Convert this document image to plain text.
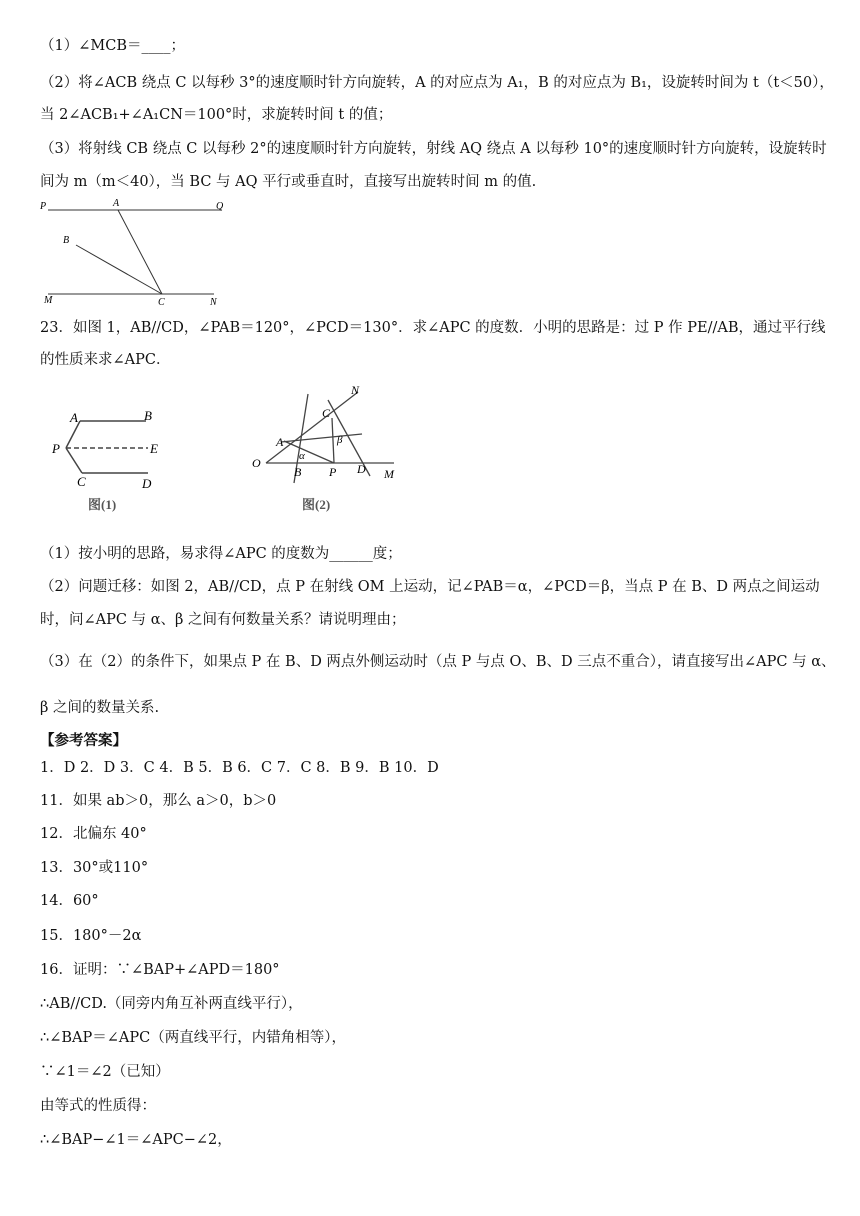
（1）∠MCB＝____；
（2）将∠ACB 绕点 C 以每秒 3°的速度顺时针方向旋转，A 的对应点为 A₁，B 的对应点为 B₁，设旋转时间为 t（t＜50），
当 2∠ACB₁+∠A₁CN＝100°时，求旋转时间 t 的值；
（3）将射线 CB 绕点 C 以每秒 2°的速度顺时针方向旋转，射线 AQ 绕点 A 以每秒 10°的速度顺时针方向旋转，设旋转时
间为 m（m＜40），当 BC 与 AQ 平行或垂直时，直接写出旋转时间 m 的值.
P	A	Q
B
M	C	N
23．如图 1，AB//CD，∠PAB＝120°，∠PCD＝130°．求∠APC 的度数．小明的思路是：过 P 作 PE//AB，通过平行线
的性质来求∠APC．
A	B
P	E
C	D
图(1)
N
C
A	β
α
O
B P D M
图(2)
（1）按小明的思路，易求得∠APC 的度数为______度；
（2）问题迁移：如图 2，AB//CD，点 P 在射线 OM 上运动，记∠PAB＝α，∠PCD＝β，当点 P 在 B、D 两点之间运动
时，问∠APC 与 α、β 之间有何数量关系？请说明理由；
（3）在（2）的条件下，如果点 P 在 B、D 两点外侧运动时（点 P 与点 O、B、D 三点不重合），请直接写出∠APC 与 α、
β 之间的数量关系.
【参考答案】
1．D 2．D 3．C 4．B 5．B 6．C 7．C 8．B 9．B 10．D
11．如果 ab＞0，那么 a＞0，b＞0
12．北偏东 40°
13．30°或110°
14．60°
15．180°－2α
16．证明：∵∠BAP+∠APD＝180°
∴AB//CD.（同旁内角互补两直线平行），
∴∠BAP＝∠APC（两直线平行，内错角相等），
∵∠1＝∠2（已知）
由等式的性质得：
∴∠BAP−∠1＝∠APC−∠2，
